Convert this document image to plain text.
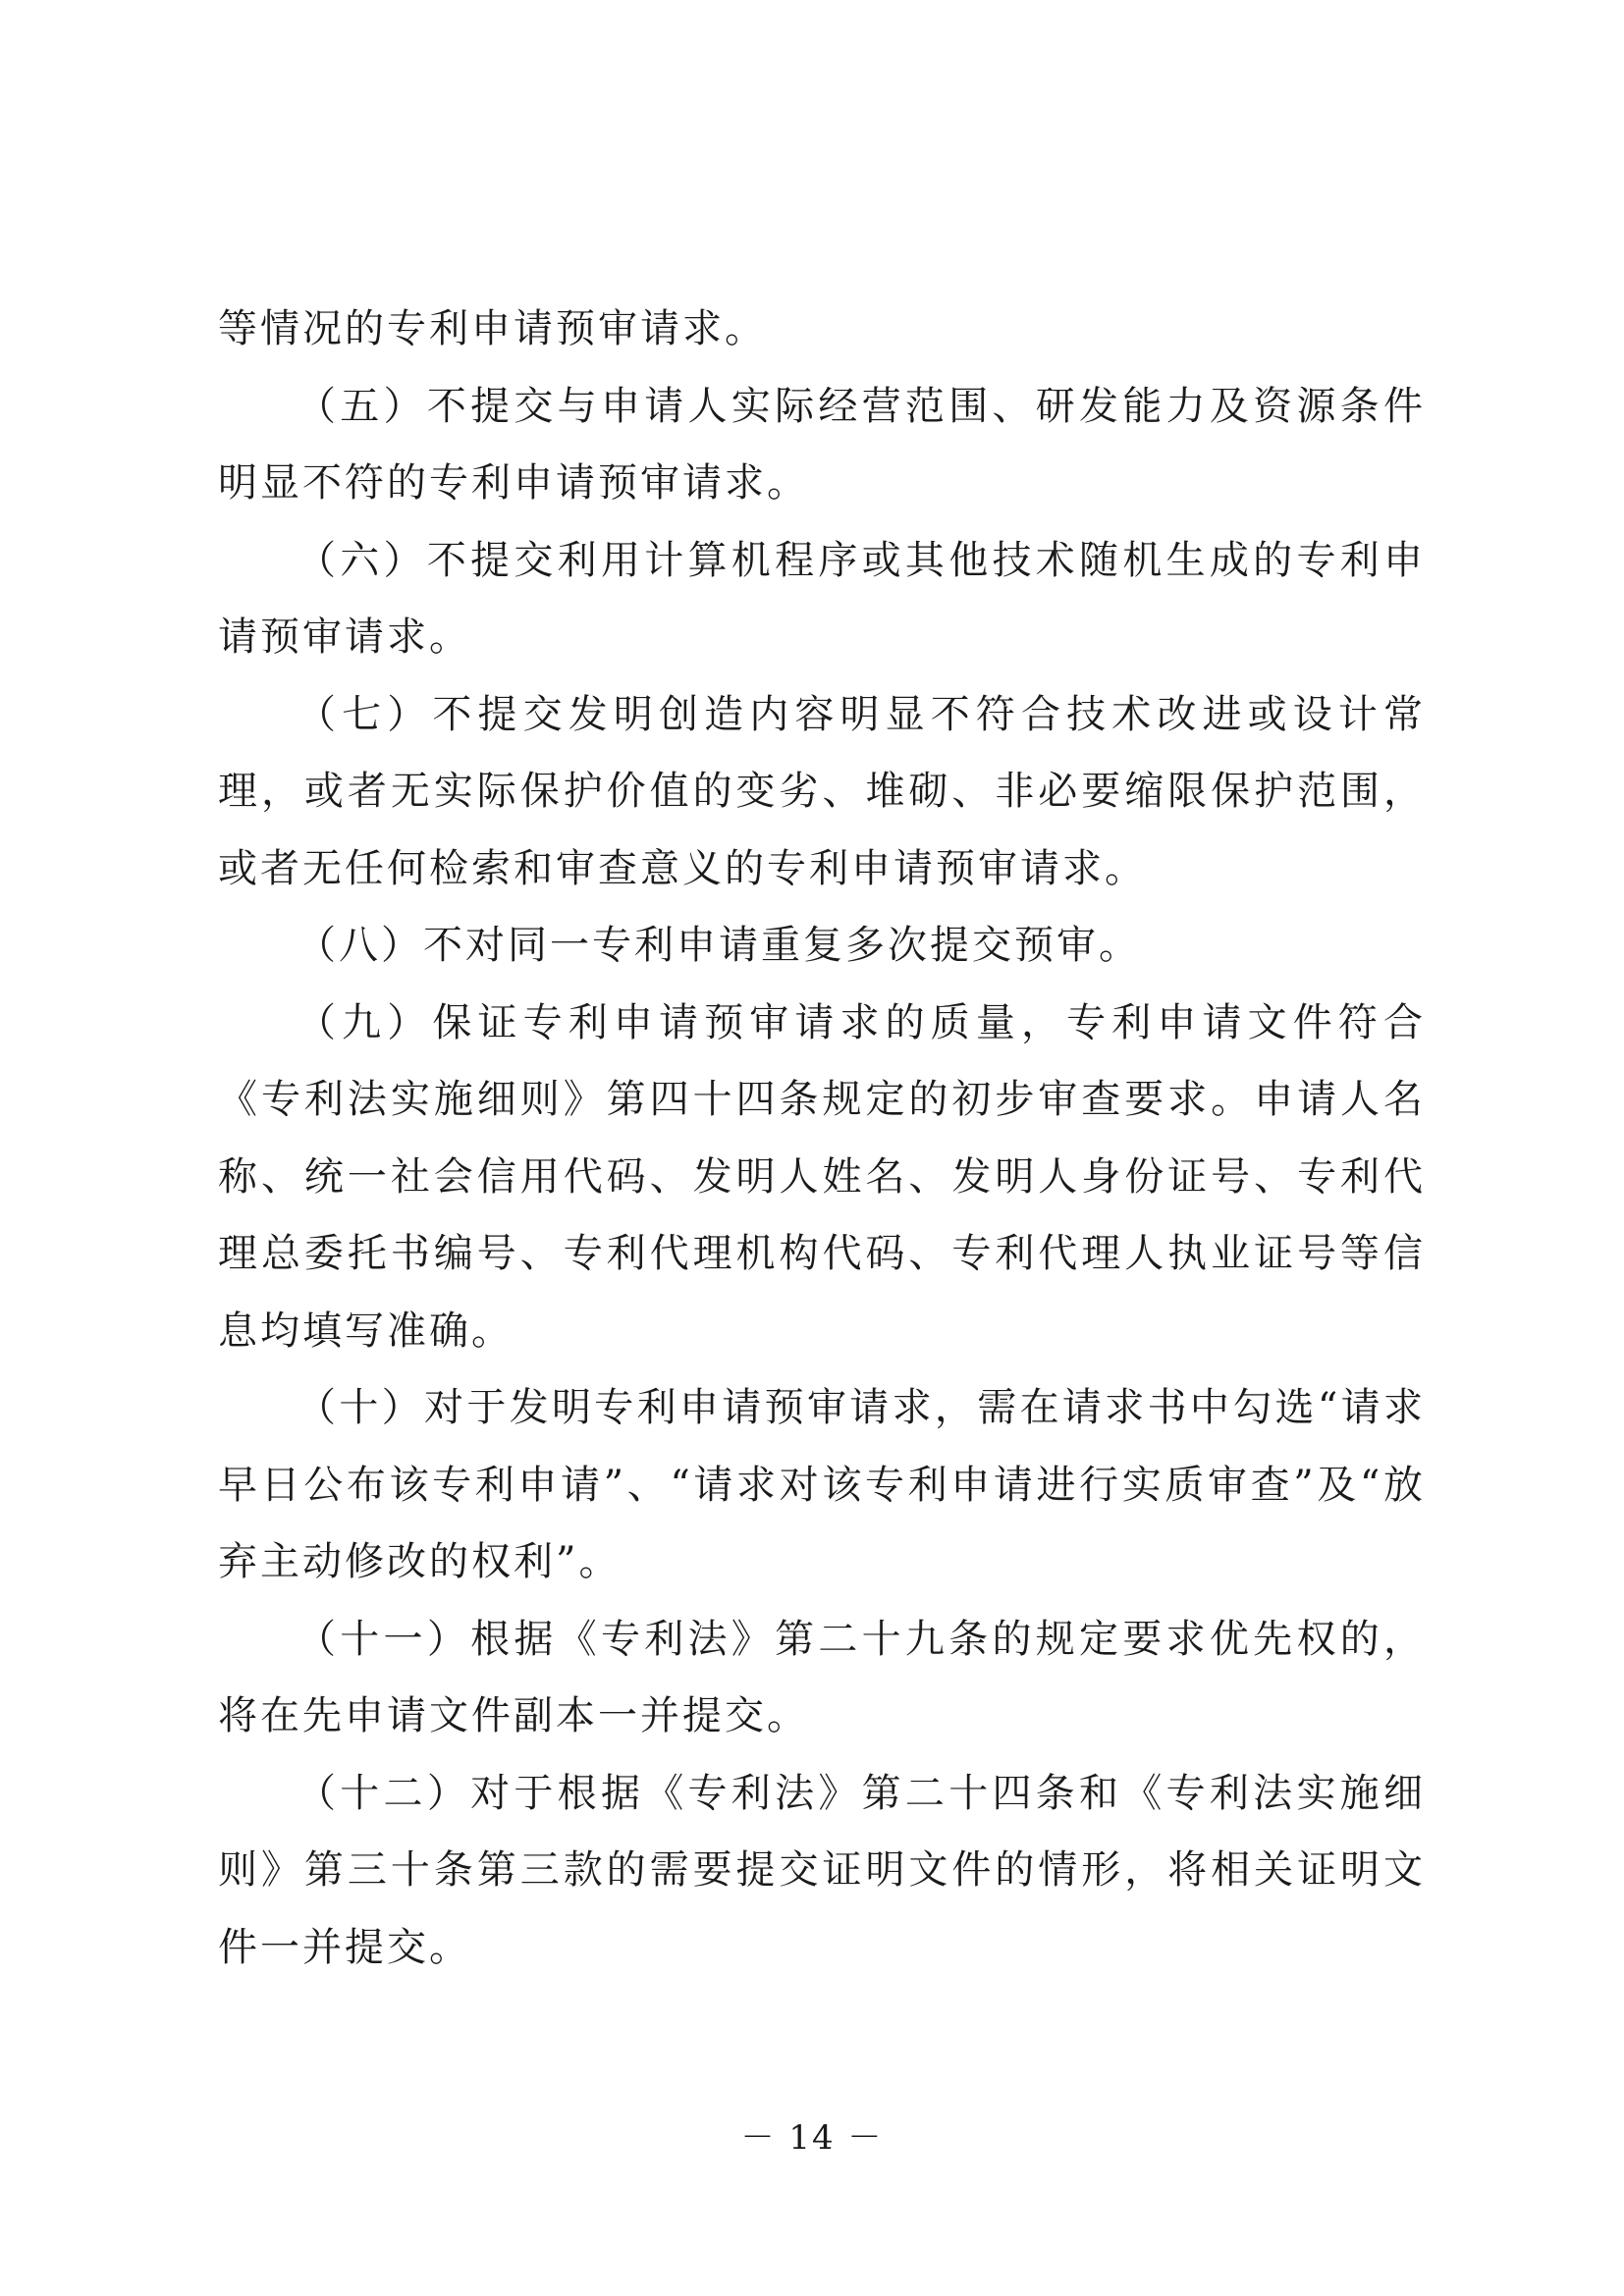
等情况的专利申请预审请求。

（五）不提交与申请人实际经营范围、研发能力及资源条件明显不符的专利申请预审请求。

（六）不提交利用计算机程序或其他技术随机生成的专利申请预审请求。

（七）不提交发明创造内容明显不符合技术改进或设计常理，或者无实际保护价值的变劣、堆砌、非必要缩限保护范围，或者无任何检索和审查意义的专利申请预审请求。

（八）不对同一专利申请重复多次提交预审。

（九）保证专利申请预审请求的质量，专利申请文件符合《专利法实施细则》第四十四条规定的初步审查要求。申请人名称、统一社会信用代码、发明人姓名、发明人身份证号、专利代理总委托书编号、专利代理机构代码、专利代理人执业证号等信息均填写准确。

（十）对于发明专利申请预审请求，需在请求书中勾选“请求早日公布该专利申请”、“请求对该专利申请进行实质审查”及“放弃主动修改的权利”。

（十一）根据《专利法》第二十九条的规定要求优先权的，将在先申请文件副本一并提交。

（十二）对于根据《专利法》第二十四条和《专利法实施细则》第三十条第三款的需要提交证明文件的情形，将相关证明文件一并提交。

－ 14 －
